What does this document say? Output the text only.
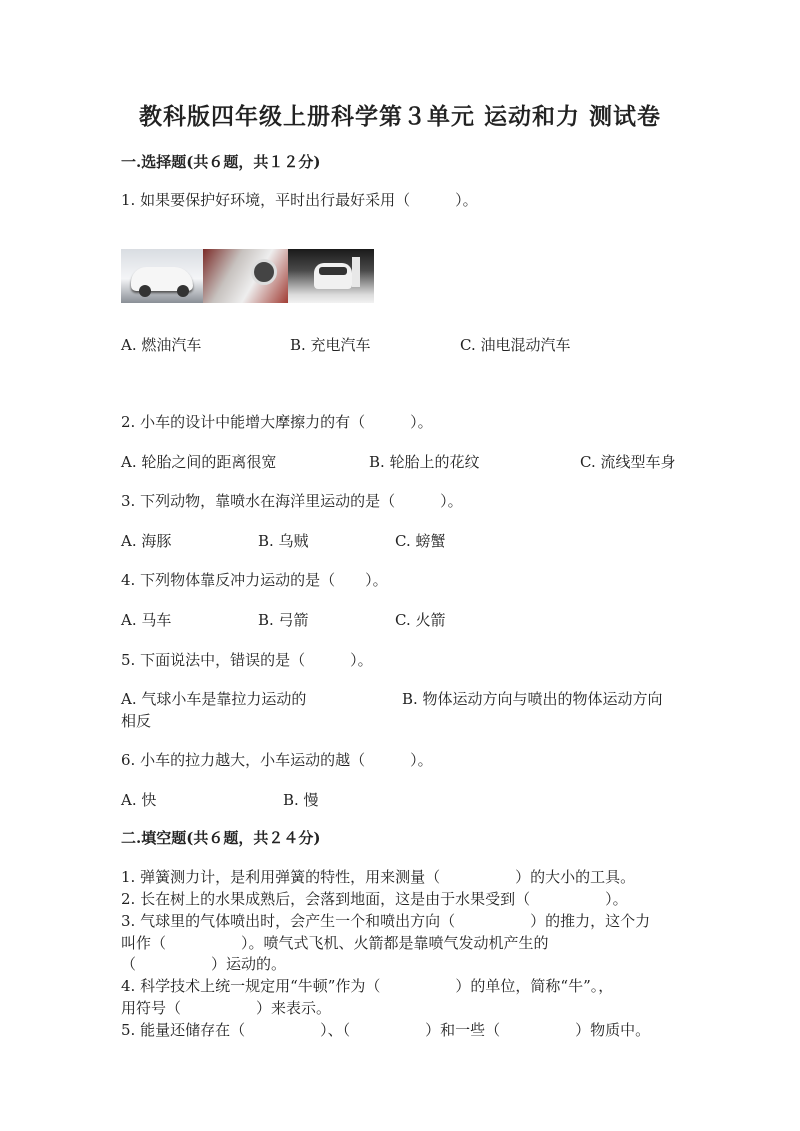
教科版四年级上册科学第３单元 运动和力 测试卷
一.选择题(共６题，共１２分)
1. 如果要保护好环境，平时出行最好采用（　　　）。
A. 燃油汽车	B. 充电汽车	C. 油电混动汽车
2. 小车的设计中能增大摩擦力的有（　　　）。
A. 轮胎之间的距离很宽	B. 轮胎上的花纹	C. 流线型车身
3. 下列动物，靠喷水在海洋里运动的是（　　　）。
A. 海豚	B. 乌贼	C. 螃蟹
4. 下列物体靠反冲力运动的是（　　）。
A. 马车	B. 弓箭	C. 火箭
5. 下面说法中，错误的是（　　　）。
A. 气球小车是靠拉力运动的	B. 物体运动方向与喷出的物体运动方向
相反
6. 小车的拉力越大，小车运动的越（　　　）。
A. 快	B. 慢
二.填空题(共６题，共２４分)
1. 弹簧测力计，是利用弹簧的特性，用来测量（　　　　　）的大小的工具。
2. 长在树上的水果成熟后，会落到地面，这是由于水果受到（　　　　　）。
3. 气球里的气体喷出时，会产生一个和喷出方向（　　　　　）的推力，这个力
叫作（　　　　　）。喷气式飞机、火箭都是靠喷气发动机产生的
（　　　　　）运动的。
4. 科学技术上统一规定用“牛顿”作为（　　　　　）的单位，简称“牛”。，
用符号（　　　　　）来表示。
5. 能量还储存在（　　　　　）、（　　　　　）和一些（　　　　　）物质中。
